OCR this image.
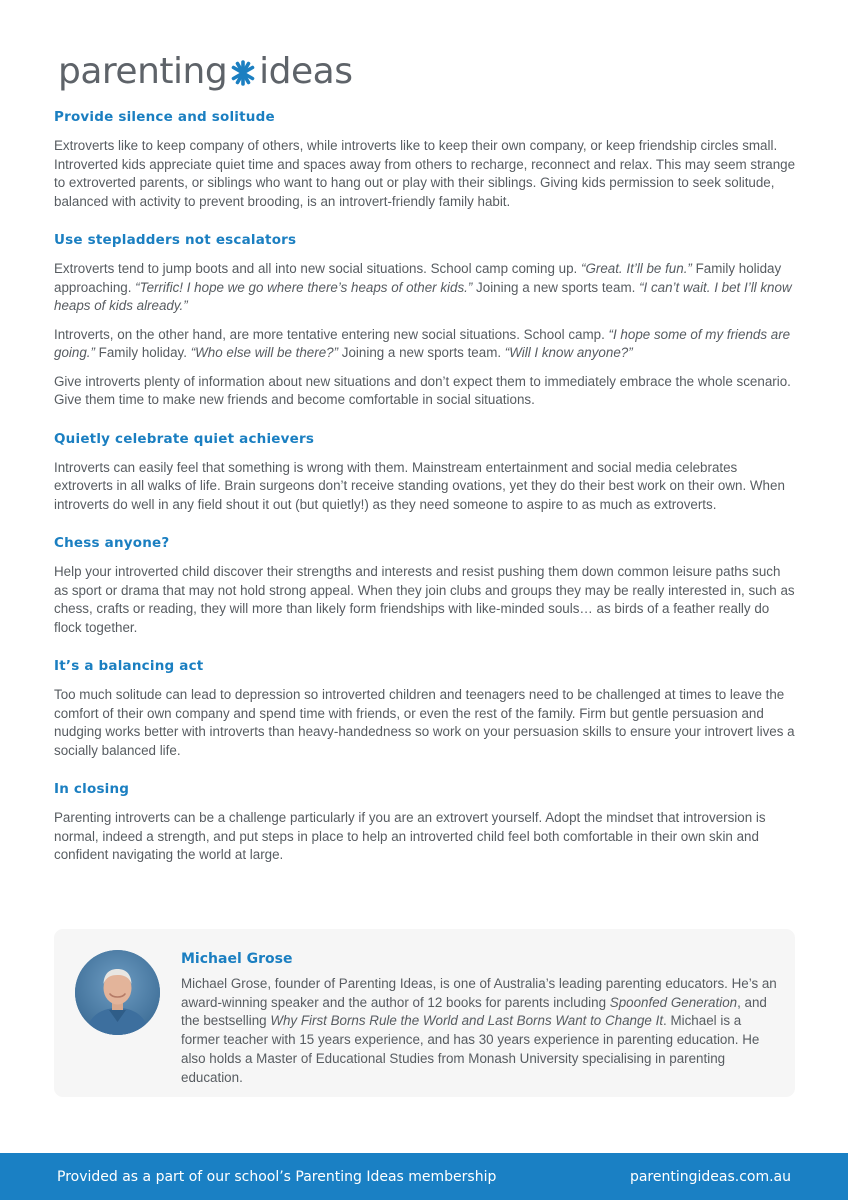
parenting ideas
Provide silence and solitude

Extroverts like to keep company of others, while introverts like to keep their own company, or keep friendship circles small. Introverted kids appreciate quiet time and spaces away from others to recharge, reconnect and relax. This may seem strange to extroverted parents, or siblings who want to hang out or play with their siblings. Giving kids permission to seek solitude, balanced with activity to prevent brooding, is an introvert-friendly family habit.

Use stepladders not escalators

Extroverts tend to jump boots and all into new social situations. School camp coming up. “Great. It’ll be fun.” Family holiday approaching. “Terrific! I hope we go where there’s heaps of other kids.” Joining a new sports team. “I can’t wait. I bet I’ll know heaps of kids already.”

Introverts, on the other hand, are more tentative entering new social situations. School camp. “I hope some of my friends are going.” Family holiday. “Who else will be there?” Joining a new sports team. “Will I know anyone?”

Give introverts plenty of information about new situations and don’t expect them to immediately embrace the whole scenario. Give them time to make new friends and become comfortable in social situations.

Quietly celebrate quiet achievers

Introverts can easily feel that something is wrong with them. Mainstream entertainment and social media celebrates extroverts in all walks of life. Brain surgeons don’t receive standing ovations, yet they do their best work on their own. When introverts do well in any field shout it out (but quietly!) as they need someone to aspire to as much as extroverts.

Chess anyone?

Help your introverted child discover their strengths and interests and resist pushing them down common leisure paths such as sport or drama that may not hold strong appeal. When they join clubs and groups they may be really interested in, such as chess, crafts or reading, they will more than likely form friendships with like-minded souls… as birds of a feather really do flock together.

It’s a balancing act

Too much solitude can lead to depression so introverted children and teenagers need to be challenged at times to leave the comfort of their own company and spend time with friends, or even the rest of the family. Firm but gentle persuasion and nudging works better with introverts than heavy-handedness so work on your persuasion skills to ensure your introvert lives a socially balanced life.

In closing

Parenting introverts can be a challenge particularly if you are an extrovert yourself. Adopt the mindset that introversion is normal, indeed a strength, and put steps in place to help an introverted child feel both comfortable in their own skin and confident navigating the world at large.

Michael Grose

Michael Grose, founder of Parenting Ideas, is one of Australia’s leading parenting educators. He’s an award-winning speaker and the author of 12 books for parents including Spoonfed Generation, and the bestselling Why First Borns Rule the World and Last Borns Want to Change It. Michael is a former teacher with 15 years experience, and has 30 years experience in parenting education. He also holds a Master of Educational Studies from Monash University specialising in parenting education.

Provided as a part of our school’s Parenting Ideas membership	parentingideas.com.au
